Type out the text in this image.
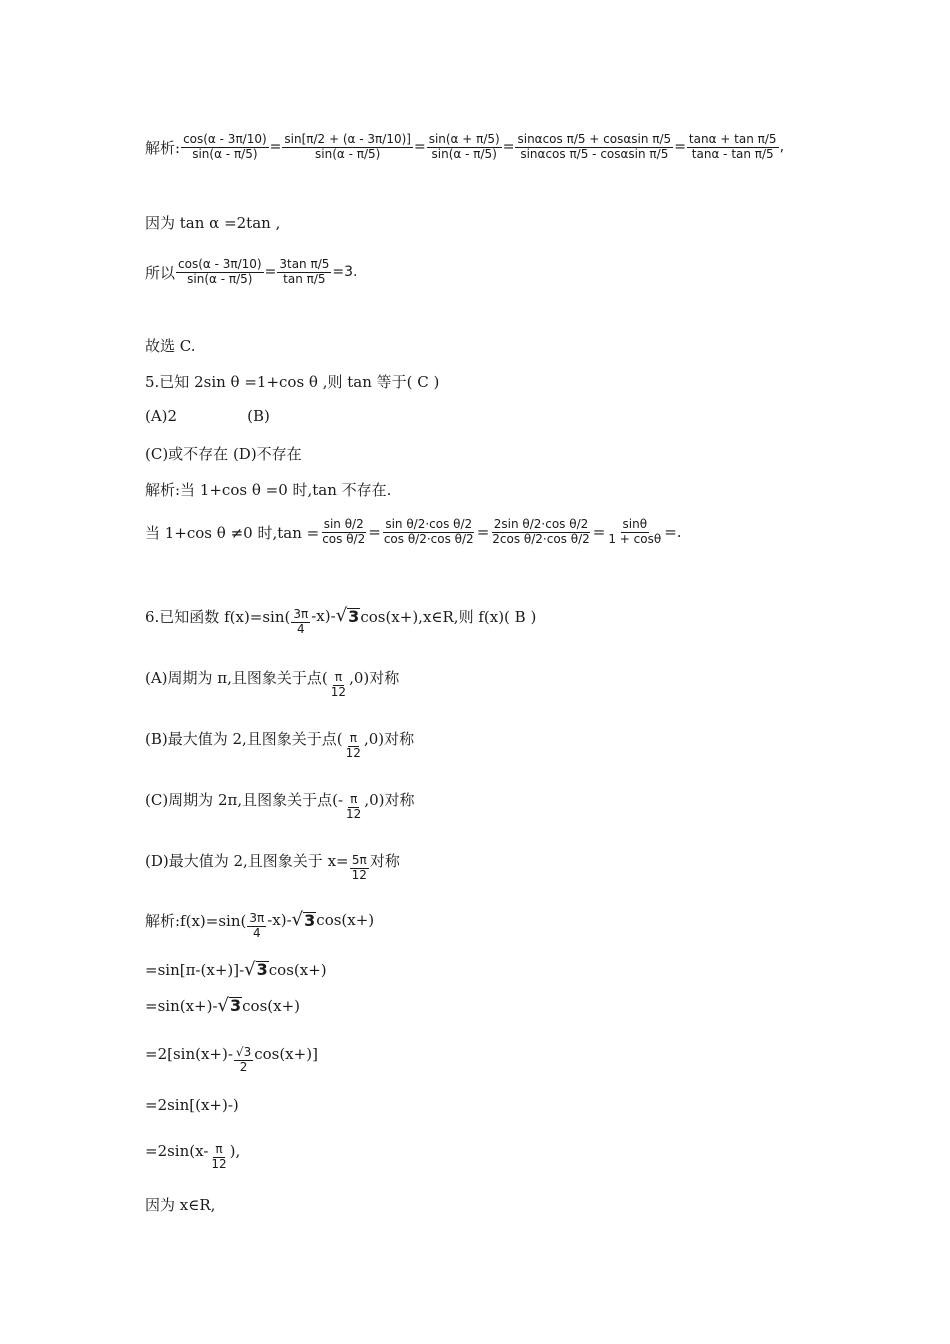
解析: $\frac{\cos(\alpha - 3\pi/10)}{\sin(\alpha - \pi/5)} = \frac{\sin[\pi/2 + (\alpha - 3\pi/10)]}{\sin(\alpha - \pi/5)} = \frac{\sin(\alpha + \pi/5)}{\sin(\alpha - \pi/5)} = \frac{\text{sinαcos π/5 + cosαsin π/5}}{\text{sinαcos π/5 - cosαsin π/5}} = \frac{\text{tanα + tan π/5}}{\text{tanα - tan π/5}}$ ,
因为 tan α =2tan ,
所以 $\frac{\cos(\alpha - 3\pi/10)}{\sin(\alpha - \pi/5)} = \frac{\text{3tan π/5}}{\text{tan π/5}} =3$.
故选 C.
5.已知 2sin θ =1+cos θ ,则 tan 等于( C )
(A)2	(B)
(C)或不存在 (D)不存在
解析:当 1+cos θ =0 时,tan 不存在.
当 1+cos θ ≠0 时$,\tan = \frac{\text{sin θ/2}}{\text{cos θ/2}} = \frac{\text{sin θ/2·cos θ/2}}{\text{cos θ/2·cos θ/2}} = \frac{\text{2sin θ/2·cos θ/2}}{\text{2cos θ/2·cos θ/2}} = \frac{\sin\theta}{1 + \cos\theta}$ =.
6.已知函数 $f(x)=\sin( \frac{3\pi}{4} -x)-$ √ 3 cos(x+),x∈R,则 f(x)( B )
(A)周期为 π,且图象关于点( $\frac{\pi}{12} ,0$)对称
(B)最大值为 2,且图象关于点( $\frac{\pi}{12} ,0$)对称
(C)周期为 2π,且图象关于点(- $\frac{\pi}{12} ,0$)对称
(D)最大值为 2,且图象关于 $x= \frac{5\pi}{12}$ 对称
解析:f(x)=sin( $\frac{3\pi}{4} -x)-$ √ 3 cos(x+)
=sin[π-(x+)]- √ 3 cos(x+)
=sin(x+)- √ 3 cos(x+)
$=2[\sin(x+)- \frac{√3}{2} \cos(x+)]$
=2sin[(x+)-)
$=2\sin(x- \frac{\pi}{12}$ ),
因为 x∈R,
